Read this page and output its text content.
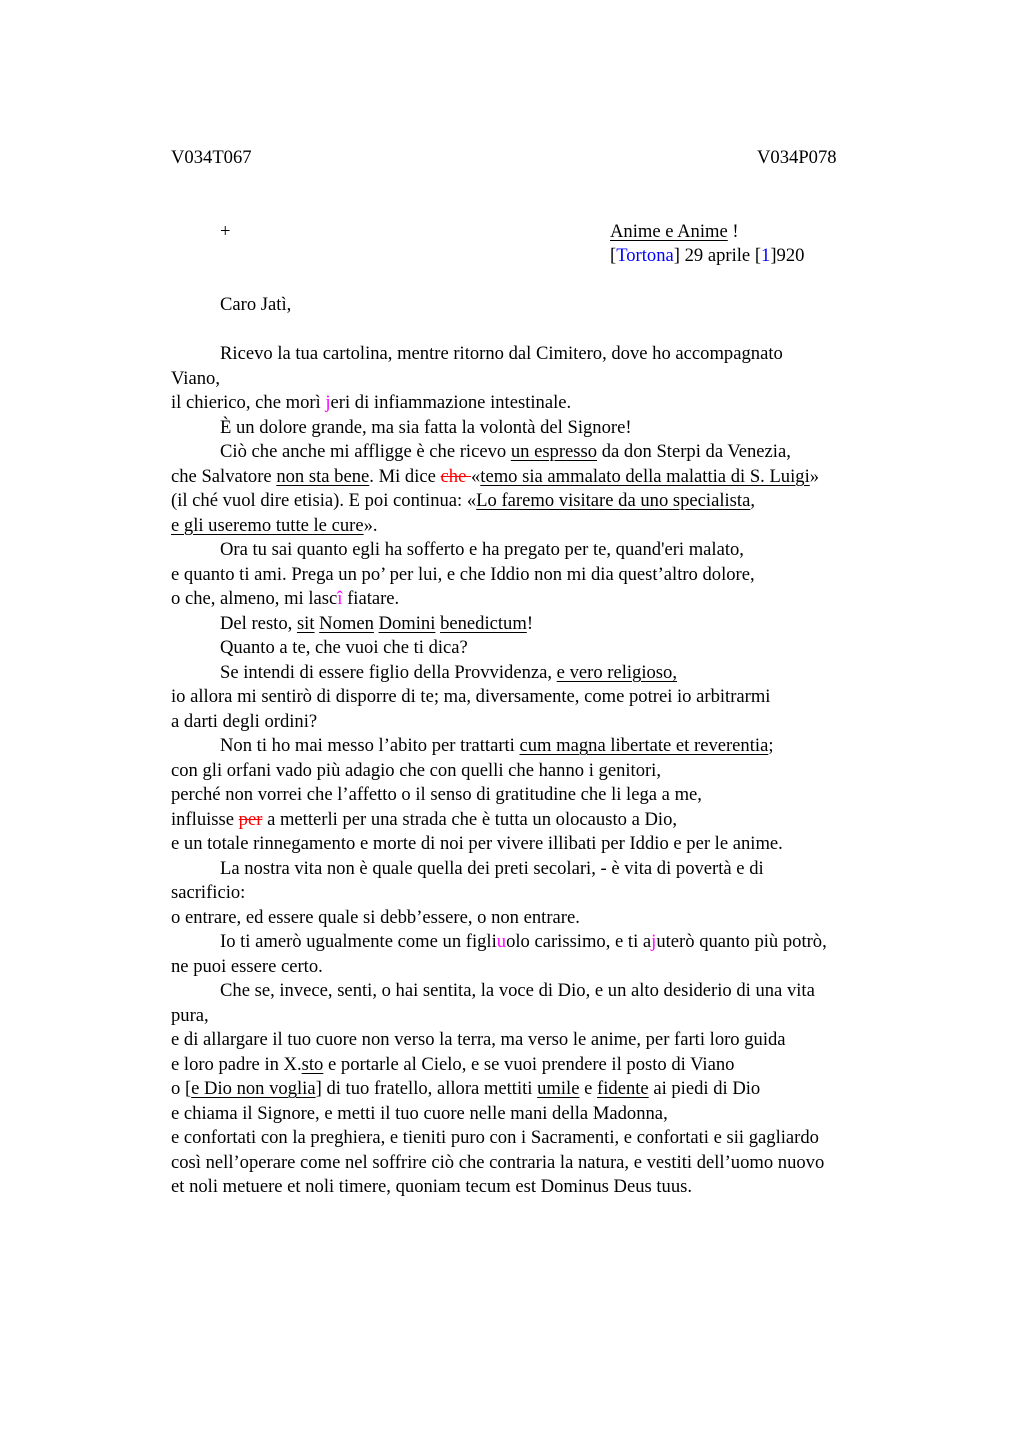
V034T067	V034P078
+	Anime e Anime !
[Tortona] 29 aprile [1]920
Caro Jatì,
Ricevo la tua cartolina, mentre ritorno dal Cimitero, dove ho accompagnato
Viano,
il chierico, che morì jeri di infiammazione intestinale.
È un dolore grande, ma sia fatta la volontà del Signore!
Ciò che anche mi affligge è che ricevo un espresso da don Sterpi da Venezia,
che Salvatore non sta bene. Mi dice che «temo sia ammalato della malattia di S. Luigi»
(il ché vuol dire etisia). E poi continua: «Lo faremo visitare da uno specialista,
e gli useremo tutte le cure».
Ora tu sai quanto egli ha sofferto e ha pregato per te, quand'eri malato,
e quanto ti ami. Prega un po’ per lui, e che Iddio non mi dia quest’altro dolore,
o che, almeno, mi lascî fiatare.
Del resto, sit Nomen Domini benedictum!
Quanto a te, che vuoi che ti dica?
Se intendi di essere figlio della Provvidenza, e vero religioso,
io allora mi sentirò di disporre di te; ma, diversamente, come potrei io arbitrarmi
a darti degli ordini?
Non ti ho mai messo l’abito per trattarti cum magna libertate et reverentia;
con gli orfani vado più adagio che con quelli che hanno i genitori,
perché non vorrei che l’affetto o il senso di gratitudine che li lega a me,
influisse per a metterli per una strada che è tutta un olocausto a Dio,
e un totale rinnegamento e morte di noi per vivere illibati per Iddio e per le anime.
La nostra vita non è quale quella dei preti secolari, - è vita di povertà e di
sacrificio:
o entrare, ed essere quale si debb’essere, o non entrare.
Io ti amerò ugualmente come un figliuolo carissimo, e ti ajuterò quanto più potrò,
ne puoi essere certo.
Che se, invece, senti, o hai sentita, la voce di Dio, e un alto desiderio di una vita
pura,
e di allargare il tuo cuore non verso la terra, ma verso le anime, per farti loro guida
e loro padre in X.sto e portarle al Cielo, e se vuoi prendere il posto di Viano
o [e Dio non voglia] di tuo fratello, allora mettiti umile e fidente ai piedi di Dio
e chiama il Signore, e metti il tuo cuore nelle mani della Madonna,
e confortati con la preghiera, e tieniti puro con i Sacramenti, e confortati e sii gagliardo
così nell’operare come nel soffrire ciò che contraria la natura, e vestiti dell’uomo nuovo
et noli metuere et noli timere, quoniam tecum est Dominus Deus tuus.
